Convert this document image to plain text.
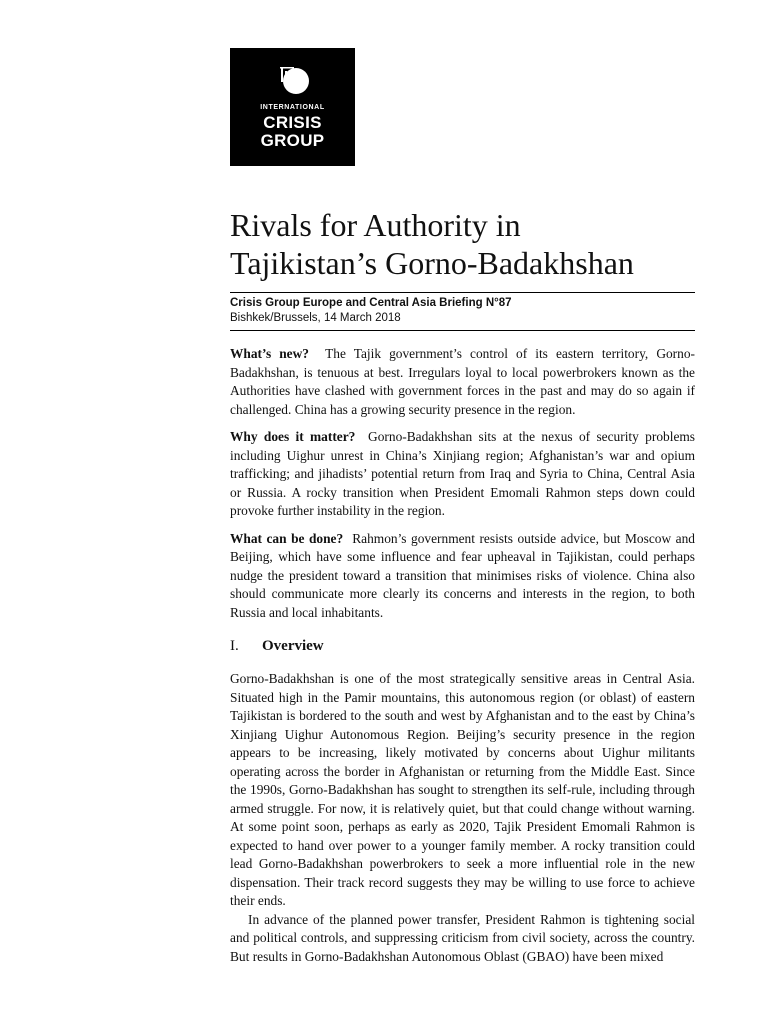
INTERNATIONAL
CRISIS
GROUP
Rivals for Authority in
Tajikistan’s Gorno-Badakhshan
Crisis Group Europe and Central Asia Briefing N°87
Bishkek/Brussels, 14 March 2018

What’s new? The Tajik government’s control of its eastern territory, Gorno-Badakhshan, is tenuous at best. Irregulars loyal to local powerbrokers known as the Authorities have clashed with government forces in the past and may do so again if challenged. China has a growing security presence in the region.

Why does it matter? Gorno-Badakhshan sits at the nexus of security problems including Uighur unrest in China’s Xinjiang region; Afghanistan’s war and opium trafficking; and jihadists’ potential return from Iraq and Syria to China, Central Asia or Russia. A rocky transition when President Emomali Rahmon steps down could provoke further instability in the region.

What can be done? Rahmon’s government resists outside advice, but Moscow and Beijing, which have some influence and fear upheaval in Tajikistan, could perhaps nudge the president toward a transition that minimises risks of violence. China also should communicate more clearly its concerns and interests in the region, to both Russia and local inhabitants.

I. Overview

Gorno-Badakhshan is one of the most strategically sensitive areas in Central Asia. Situated high in the Pamir mountains, this autonomous region (or oblast) of eastern Tajikistan is bordered to the south and west by Afghanistan and to the east by China’s Xinjiang Uighur Autonomous Region. Beijing’s security presence in the region appears to be increasing, likely motivated by concerns about Uighur militants operating across the border in Afghanistan or returning from the Middle East. Since the 1990s, Gorno-Badakhshan has sought to strengthen its self-rule, including through armed struggle. For now, it is relatively quiet, but that could change without warning. At some point soon, perhaps as early as 2020, Tajik President Emomali Rahmon is expected to hand over power to a younger family member. A rocky transition could lead Gorno-Badakhshan powerbrokers to seek a more influential role in the new dispensation. Their track record suggests they may be willing to use force to achieve their ends.

In advance of the planned power transfer, President Rahmon is tightening social and political controls, and suppressing criticism from civil society, across the country. But results in Gorno-Badakhshan Autonomous Oblast (GBAO) have been mixed
